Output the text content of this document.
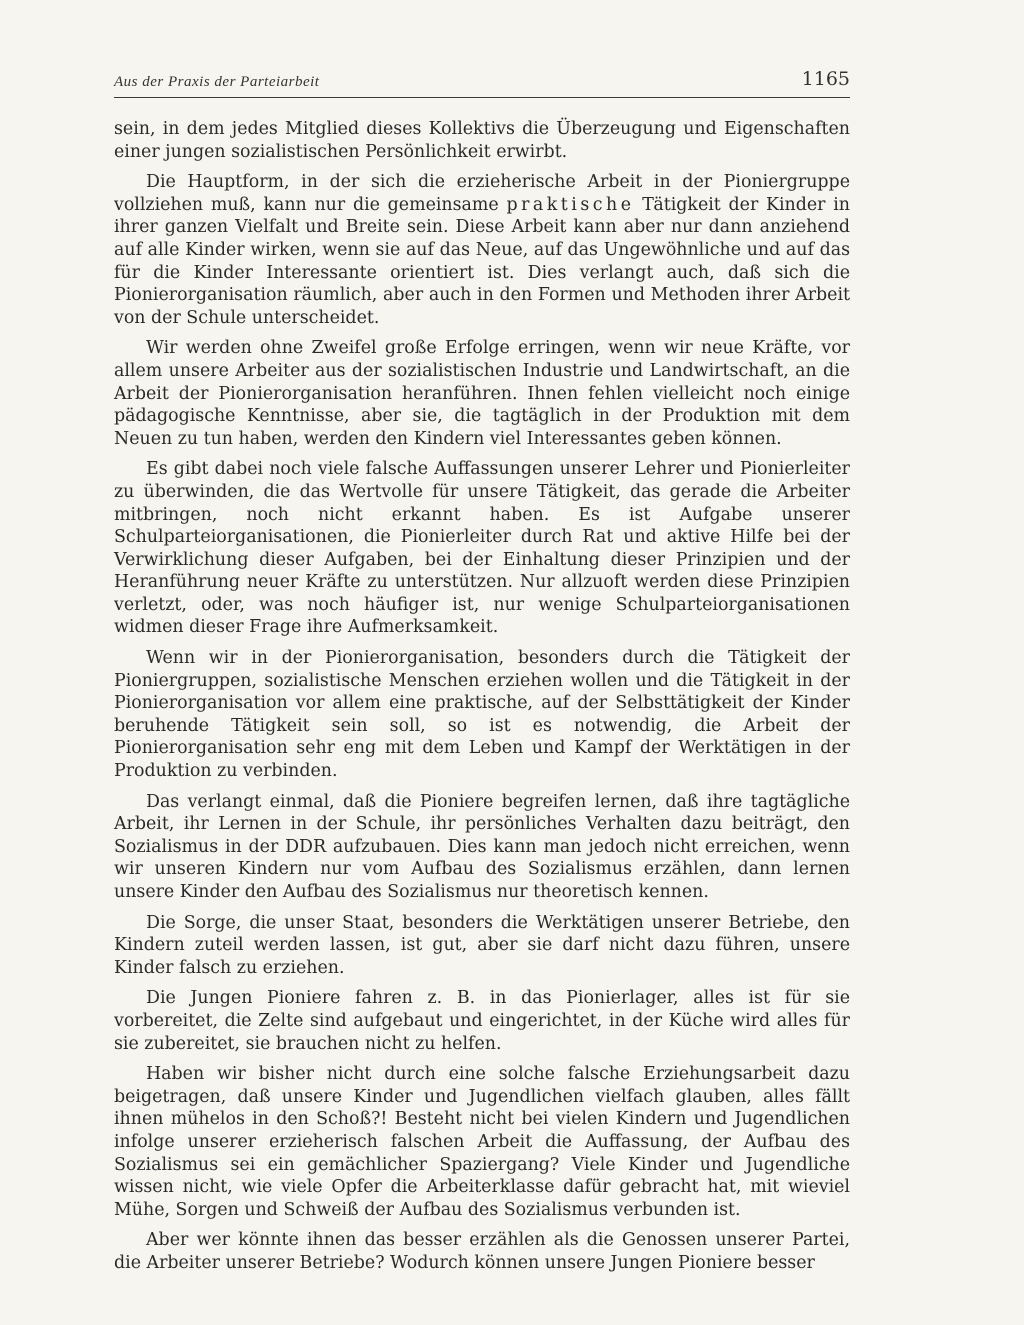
Aus der Praxis der Parteiarbeit	1165

sein, in dem jedes Mitglied dieses Kollektivs die Überzeugung und Eigenschaften einer jungen sozialistischen Persönlichkeit erwirbt.

Die Hauptform, in der sich die erzieherische Arbeit in der Pioniergruppe vollziehen muß, kann nur die gemeinsame praktische Tätigkeit der Kinder in ihrer ganzen Vielfalt und Breite sein. Diese Arbeit kann aber nur dann anziehend auf alle Kinder wirken, wenn sie auf das Neue, auf das Ungewöhnliche und auf das für die Kinder Interessante orientiert ist. Dies verlangt auch, daß sich die Pionierorganisation räumlich, aber auch in den Formen und Methoden ihrer Arbeit von der Schule unterscheidet.

Wir werden ohne Zweifel große Erfolge erringen, wenn wir neue Kräfte, vor allem unsere Arbeiter aus der sozialistischen Industrie und Landwirtschaft, an die Arbeit der Pionierorganisation heranführen. Ihnen fehlen vielleicht noch einige pädagogische Kenntnisse, aber sie, die tagtäglich in der Produktion mit dem Neuen zu tun haben, werden den Kindern viel Interessantes geben können.

Es gibt dabei noch viele falsche Auffassungen unserer Lehrer und Pionierleiter zu überwinden, die das Wertvolle für unsere Tätigkeit, das gerade die Arbeiter mitbringen, noch nicht erkannt haben. Es ist Aufgabe unserer Schulparteiorganisationen, die Pionierleiter durch Rat und aktive Hilfe bei der Verwirklichung dieser Aufgaben, bei der Einhaltung dieser Prinzipien und der Heranführung neuer Kräfte zu unterstützen. Nur allzuoft werden diese Prinzipien verletzt, oder, was noch häufiger ist, nur wenige Schulparteiorganisationen widmen dieser Frage ihre Aufmerksamkeit.

Wenn wir in der Pionierorganisation, besonders durch die Tätigkeit der Pioniergruppen, sozialistische Menschen erziehen wollen und die Tätigkeit in der Pionierorganisation vor allem eine praktische, auf der Selbsttätigkeit der Kinder beruhende Tätigkeit sein soll, so ist es notwendig, die Arbeit der Pionierorganisation sehr eng mit dem Leben und Kampf der Werktätigen in der Produktion zu verbinden.

Das verlangt einmal, daß die Pioniere begreifen lernen, daß ihre tagtägliche Arbeit, ihr Lernen in der Schule, ihr persönliches Verhalten dazu beiträgt, den Sozialismus in der DDR aufzubauen. Dies kann man jedoch nicht erreichen, wenn wir unseren Kindern nur vom Aufbau des Sozialismus erzählen, dann lernen unsere Kinder den Aufbau des Sozialismus nur theoretisch kennen.

Die Sorge, die unser Staat, besonders die Werktätigen unserer Betriebe, den Kindern zuteil werden lassen, ist gut, aber sie darf nicht dazu führen, unsere Kinder falsch zu erziehen.

Die Jungen Pioniere fahren z. B. in das Pionierlager, alles ist für sie vorbereitet, die Zelte sind aufgebaut und eingerichtet, in der Küche wird alles für sie zubereitet, sie brauchen nicht zu helfen.

Haben wir bisher nicht durch eine solche falsche Erziehungsarbeit dazu beigetragen, daß unsere Kinder und Jugendlichen vielfach glauben, alles fällt ihnen mühelos in den Schoß?! Besteht nicht bei vielen Kindern und Jugendlichen infolge unserer erzieherisch falschen Arbeit die Auffassung, der Aufbau des Sozialismus sei ein gemächlicher Spaziergang? Viele Kinder und Jugendliche wissen nicht, wie viele Opfer die Arbeiterklasse dafür gebracht hat, mit wieviel Mühe, Sorgen und Schweiß der Aufbau des Sozialismus verbunden ist.

Aber wer könnte ihnen das besser erzählen als die Genossen unserer Partei, die Arbeiter unserer Betriebe? Wodurch können unsere Jungen Pioniere besser
